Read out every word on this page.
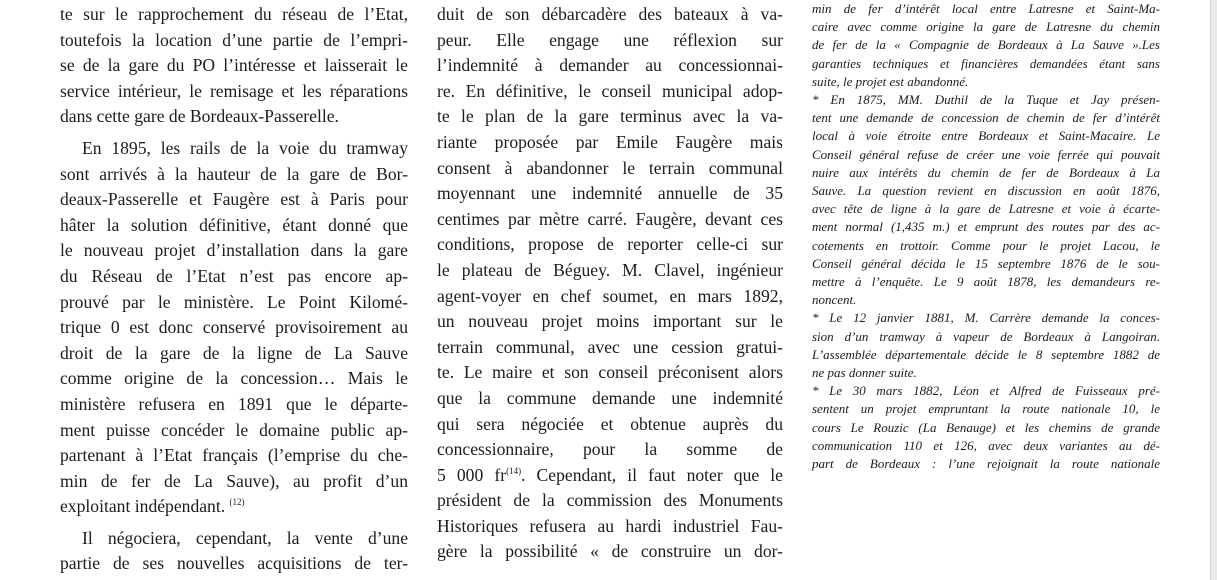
te sur le rapprochement du réseau de l’Etat,
toutefois la location d’une partie de l’empri-
se de la gare du PO l’intéresse et laisserait le
service intérieur, le remisage et les réparations
dans cette gare de Bordeaux-Passerelle.
En 1895, les rails de la voie du tramway
sont arrivés à la hauteur de la gare de Bor-
deaux-Passerelle et Faugère est à Paris pour
hâter la solution définitive, étant donné que
le nouveau projet d’installation dans la gare
du Réseau de l’Etat n’est pas encore ap-
prouvé par le ministère. Le Point Kilomé-
trique 0 est donc conservé provisoirement au
droit de la gare de la ligne de La Sauve
comme origine de la concession… Mais le
ministère refusera en 1891 que le départe-
ment puisse concéder le domaine public ap-
partenant à l’Etat français (l’emprise du che-
min de fer de La Sauve), au profit d’un
exploitant indépendant. $^{(12)}$
Il négociera, cependant, la vente d’une
partie de ses nouvelles acquisitions de ter-
duit de son débarcadère des bateaux à va-
peur. Elle engage une réflexion sur
l’indemnité à demander au concessionnai-
re. En définitive, le conseil municipal adop-
te le plan de la gare terminus avec la va-
riante proposée par Emile Faugère mais
consent à abandonner le terrain communal
moyennant une indemnité annuelle de 35
centimes par mètre carré. Faugère, devant ces
conditions, propose de reporter celle-ci sur
le plateau de Béguey. M. Clavel, ingénieur
agent-voyer en chef soumet, en mars 1892,
un nouveau projet moins important sur le
terrain communal, avec une cession gratui-
te. Le maire et son conseil préconisent alors
que la commune demande une indemnité
qui sera négociée et obtenue auprès du
concessionnaire, pour la somme de
5 000 $fr^{(14)}$. Cependant, il faut noter que le
président de la commission des Monuments
Historiques refusera au hardi industriel Fau-
gère la possibilité « de construire un dor-
min de fer d’intérêt local entre Latresne et Saint-Ma-
caire avec comme origine la gare de Latresne du chemin
de fer de la « Compagnie de Bordeaux à La Sauve ».Les
garanties techniques et financières demandées étant sans
suite, le projet est abandonné.
* En 1875, MM. Duthil de la Tuque et Jay présen-
tent une demande de concession de chemin de fer d’intérêt
local à voie étroite entre Bordeaux et Saint-Macaire. Le
Conseil général refuse de créer une voie ferrée qui pouvait
nuire aux intérêts du chemin de fer de Bordeaux à La
Sauve. La question revient en discussion en août 1876,
avec tête de ligne à la gare de Latresne et voie à écarte-
ment normal (1,435 m.) et emprunt des routes par des ac-
cotements en trottoir. Comme pour le projet Lacou, le
Conseil général décida le 15 septembre 1876 de le sou-
mettre à l’enquête. Le 9 août 1878, les demandeurs re-
noncent.
* Le 12 janvier 1881, M. Carrère demande la conces-
sion d’un tramway à vapeur de Bordeaux à Langoiran.
L’assemblée départementale décide le 8 septembre 1882 de
ne pas donner suite.
* Le 30 mars 1882, Léon et Alfred de Fuisseaux pré-
sentent un projet empruntant la route nationale 10, le
cours Le Rouzic (La Benauge) et les chemins de grande
communication 110 et 126, avec deux variantes au dé-
part de Bordeaux : l’une rejoignait la route nationale
